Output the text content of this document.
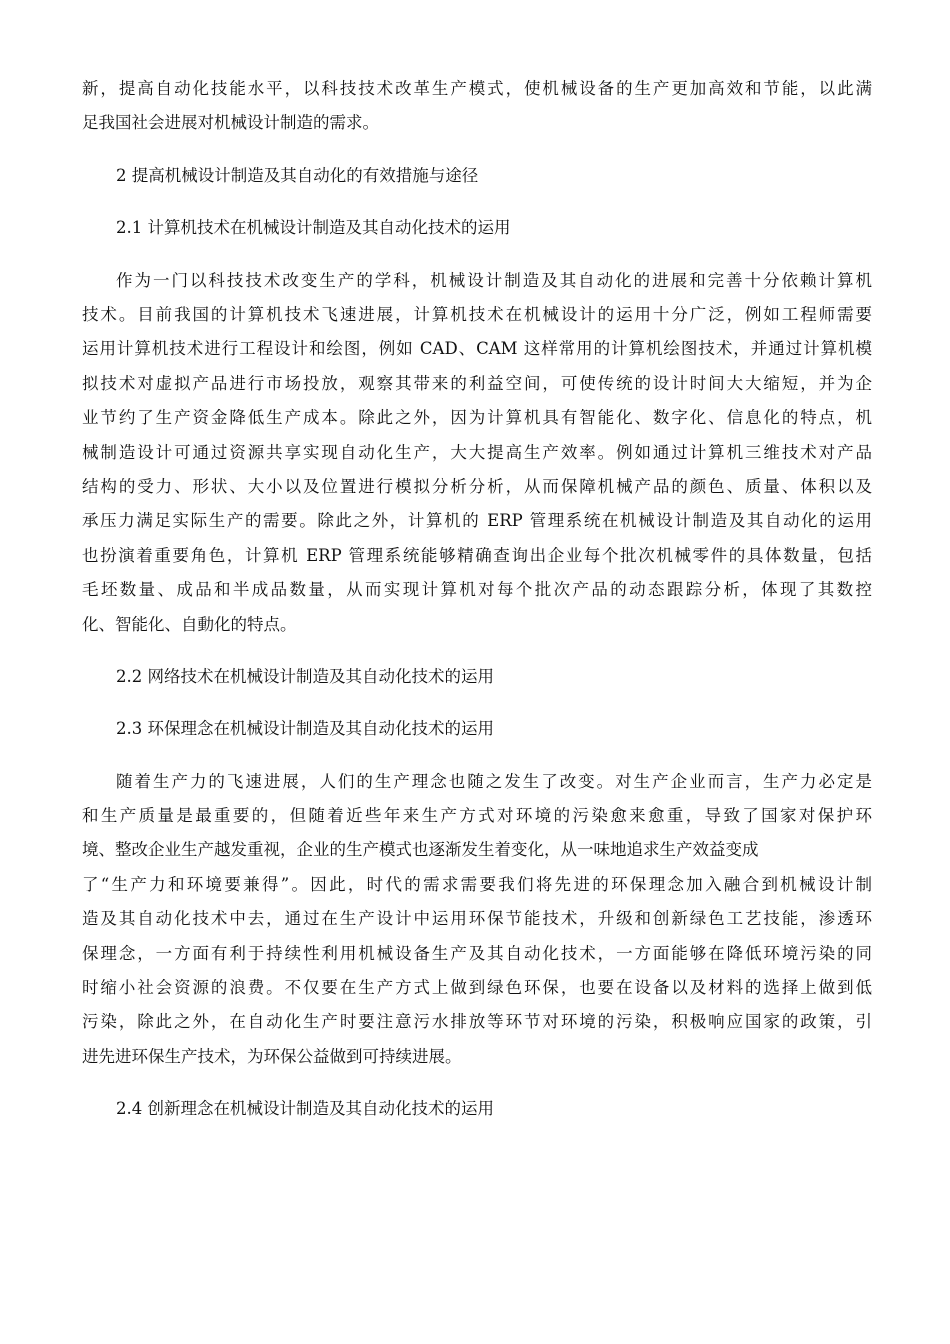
新，提高自动化技能水平，以科技技术改革生产模式，使机械设备的生产更加高效和节能，以此满
足我国社会进展对机械设计制造的需求。
2 提高机械设计制造及其自动化的有效措施与途径
2.1 计算机技术在机械设计制造及其自动化技术的运用
作为一门以科技技术改变生产的学科，机械设计制造及其自动化的进展和完善十分依赖计算机
技术。目前我国的计算机技术飞速进展，计算机技术在机械设计的运用十分广泛，例如工程师需要
运用计算机技术进行工程设计和绘图，例如 CAD、CAM 这样常用的计算机绘图技术，并通过计算机模
拟技术对虚拟产品进行市场投放，观察其带来的利益空间，可使传统的设计时间大大缩短，并为企
业节约了生产资金降低生产成本。除此之外，因为计算机具有智能化、数字化、信息化的特点，机
械制造设计可通过资源共享实现自动化生产，大大提高生产效率。例如通过计算机三维技术对产品
结构的受力、形状、大小以及位置进行模拟分析分析，从而保障机械产品的颜色、质量、体积以及
承压力满足实际生产的需要。除此之外，计算机的 ERP 管理系统在机械设计制造及其自动化的运用
也扮演着重要角色，计算机 ERP 管理系统能够精确查询出企业每个批次机械零件的具体数量，包括
毛坯数量、成品和半成品数量，从而实现计算机对每个批次产品的动态跟踪分析，体现了其数控
化、智能化、自動化的特点。
2.2 网络技术在机械设计制造及其自动化技术的运用
2.3 环保理念在机械设计制造及其自动化技术的运用
随着生产力的飞速进展，人们的生产理念也随之发生了改变。对生产企业而言，生产力必定是
和生产质量是最重要的，但随着近些年来生产方式对环境的污染愈来愈重，导致了国家对保护环
境、整改企业生产越发重视，企业的生产模式也逐渐发生着变化，从一味地追求生产效益变成
了“生产力和环境要兼得”。因此，时代的需求需要我们将先进的环保理念加入融合到机械设计制
造及其自动化技术中去，通过在生产设计中运用环保节能技术，升级和创新绿色工艺技能，渗透环
保理念，一方面有利于持续性利用机械设备生产及其自动化技术，一方面能够在降低环境污染的同
时缩小社会资源的浪费。不仅要在生产方式上做到绿色环保，也要在设备以及材料的选择上做到低
污染，除此之外，在自动化生产时要注意污水排放等环节对环境的污染，积极响应国家的政策，引
进先进环保生产技术，为环保公益做到可持续进展。
2.4 创新理念在机械设计制造及其自动化技术的运用
